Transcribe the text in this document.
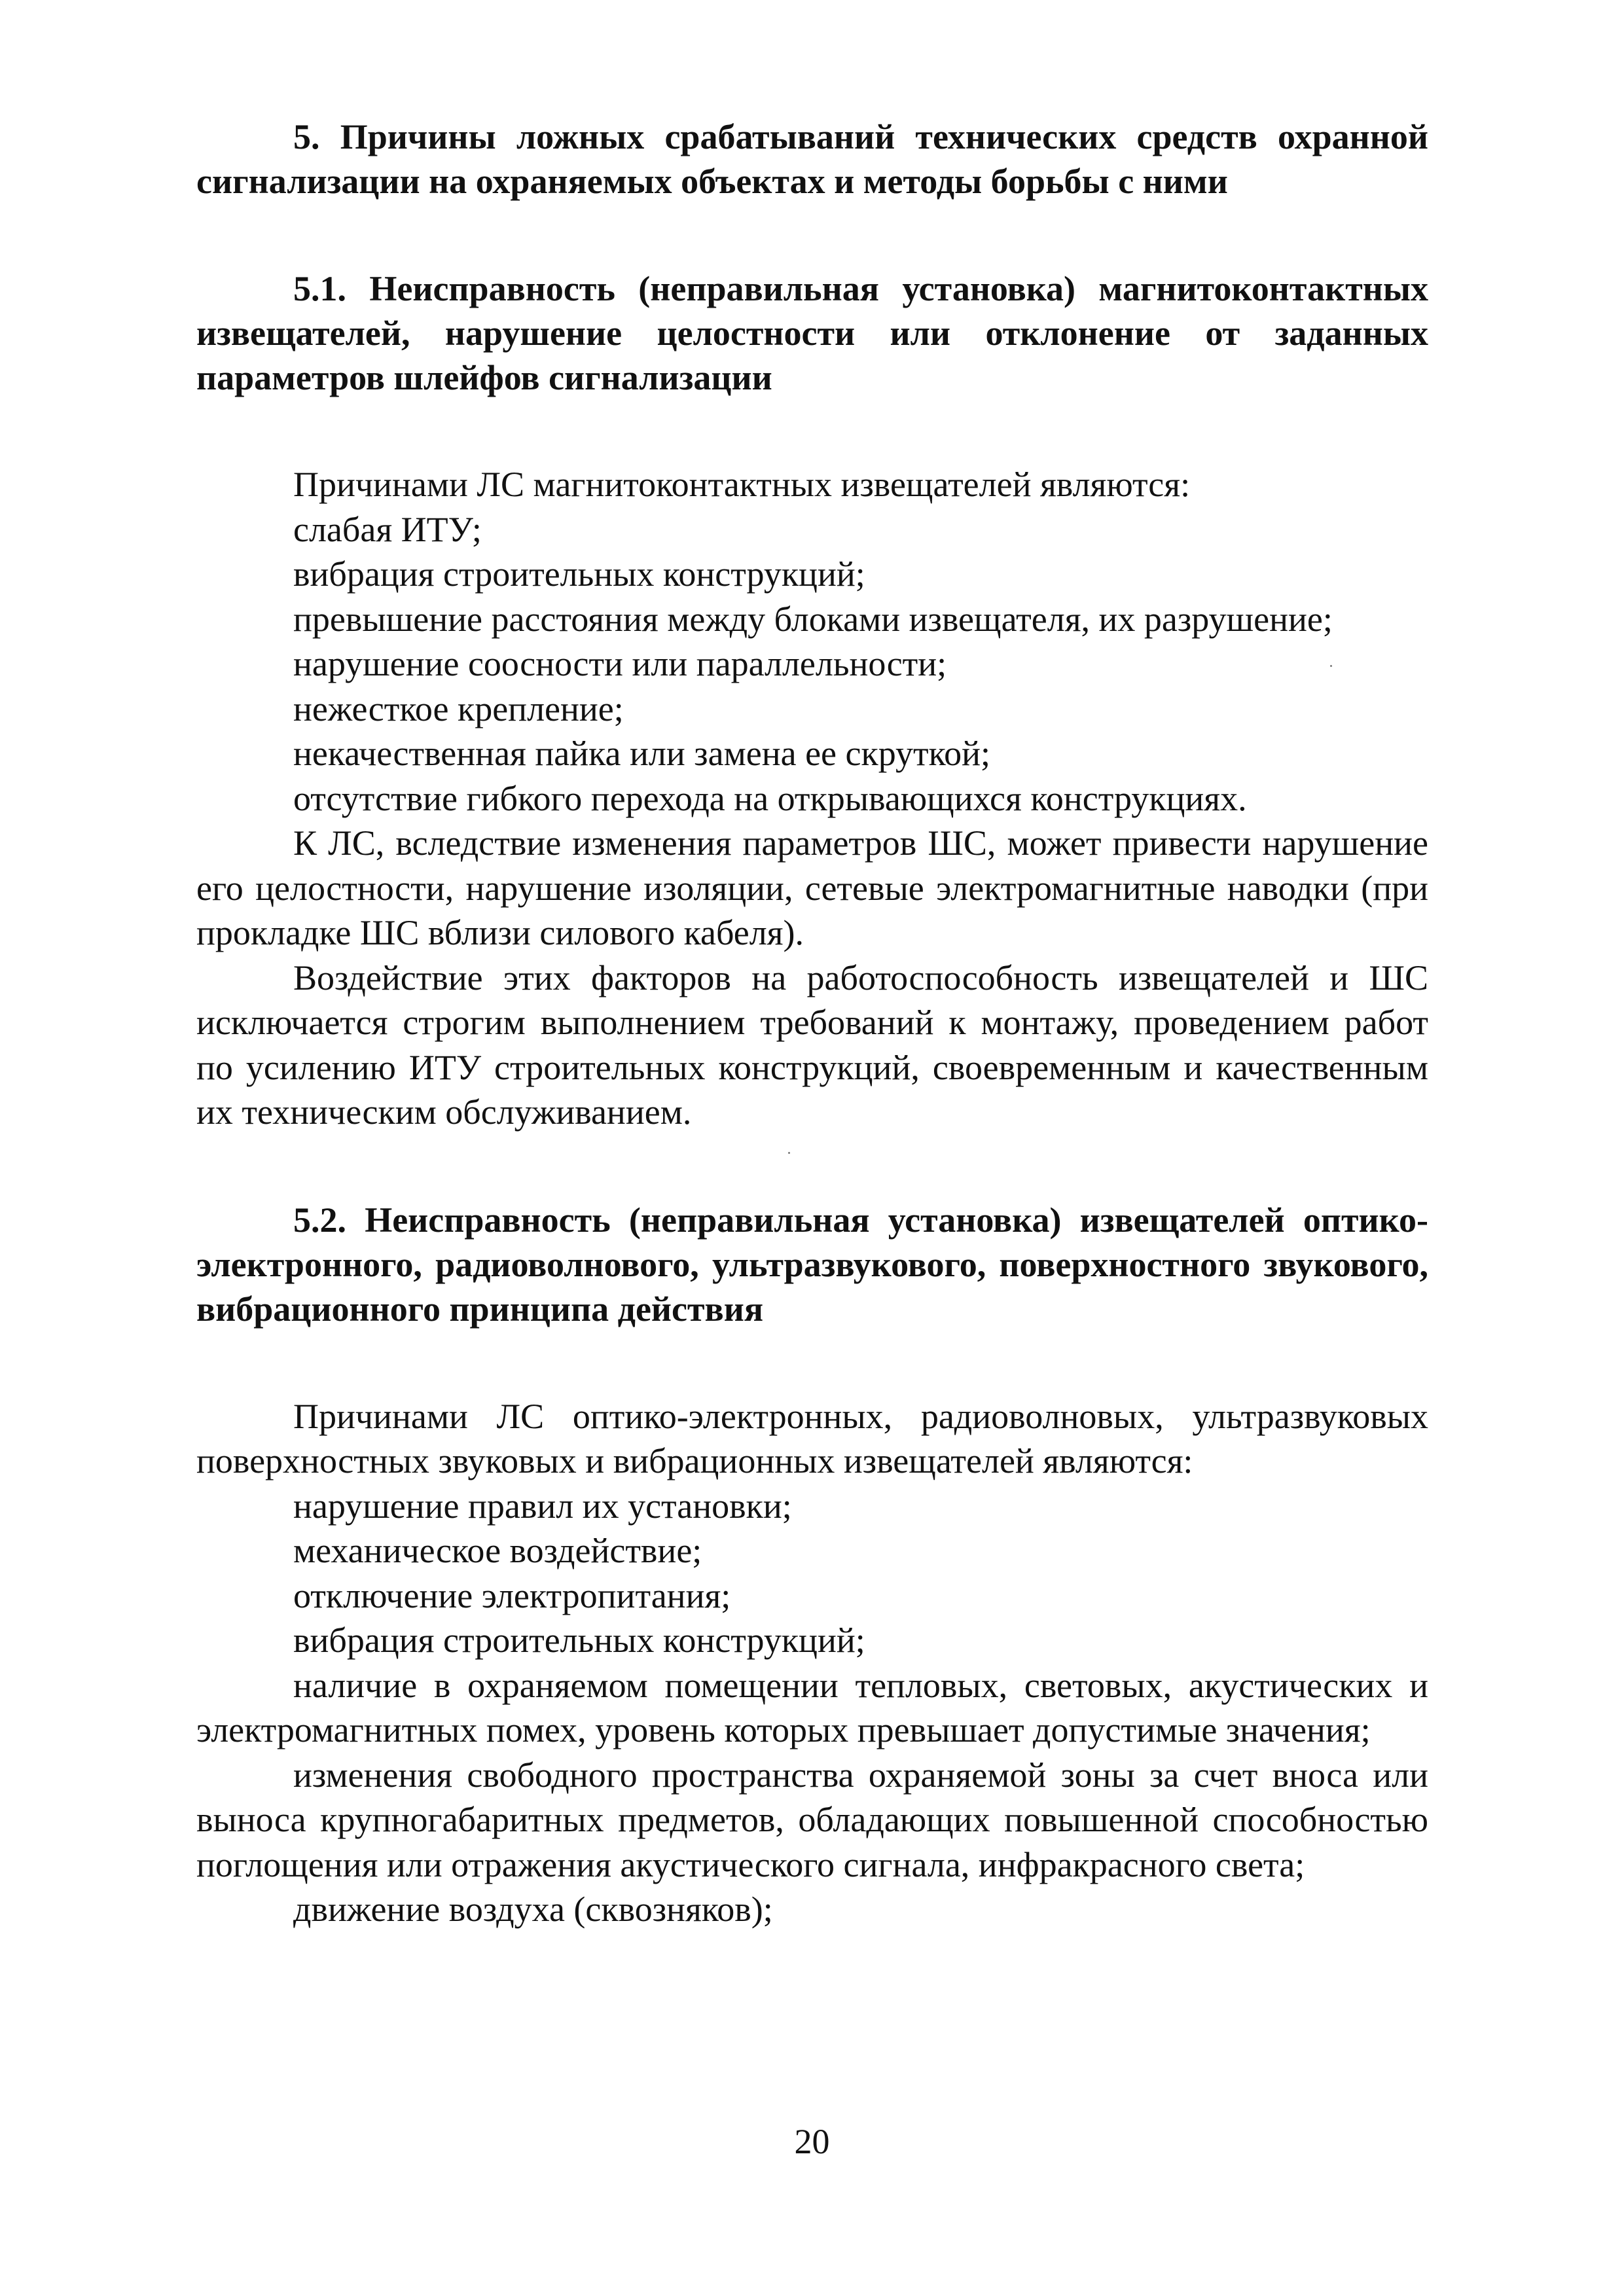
5. Причины ложных срабатываний технических средств охранной сигнализации на охраняемых объектах и методы борьбы с ними

5.1. Неисправность (неправильная установка) магнитоконтактных извещателей, нарушение целостности или отклонение от заданных параметров шлейфов сигнализации

Причинами ЛС магнитоконтактных извещателей являются:

слабая ИТУ;

вибрация строительных конструкций;

превышение расстояния между блоками извещателя, их разрушение;

нарушение соосности или параллельности;

нежесткое крепление;

некачественная пайка или замена ее скруткой;

отсутствие гибкого перехода на открывающихся конструкциях.

К ЛС, вследствие изменения параметров ШС, может привести нарушение его целостности, нарушение изоляции, сетевые электромагнитные наводки (при прокладке ШС вблизи силового кабеля).

Воздействие этих факторов на работоспособность извещателей и ШС исключается строгим выполнением требований к монтажу, проведением работ по усилению ИТУ строительных конструкций, своевременным и качественным их техническим обслуживанием.

5.2. Неисправность (неправильная установка) извещателей оптико-электронного, радиоволнового, ультразвукового, поверхностного звукового, вибрационного принципа действия

Причинами ЛС оптико-электронных, радиоволновых, ультразвуковых поверхностных звуковых и вибрационных извещателей являются:

нарушение правил их установки;

механическое воздействие;

отключение электропитания;

вибрация строительных конструкций;

наличие в охраняемом помещении тепловых, световых, акустических и электромагнитных помех, уровень которых превышает допустимые значения;

изменения свободного пространства охраняемой зоны за счет вноса или выноса крупногабаритных предметов, обладающих повышенной способностью поглощения или отражения акустического сигнала, инфракрасного света;

движение воздуха (сквозняков);

20
